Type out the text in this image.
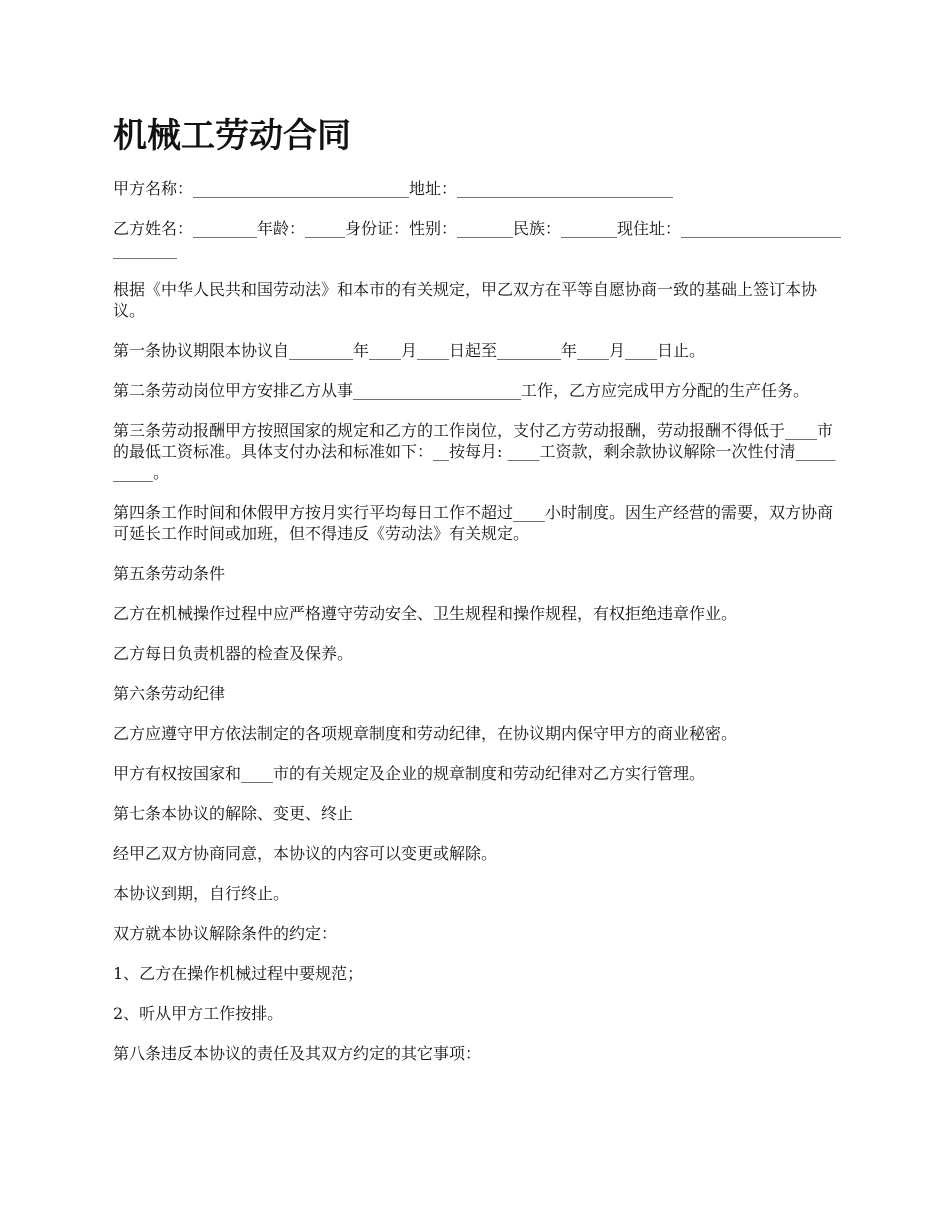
机械工劳动合同

甲方名称：___________________________地址：___________________________

乙方姓名：________年龄：_____身份证：性别：_______民族：_______现住址：____________________________

根据《中华人民共和国劳动法》和本市的有关规定，甲乙双方在平等自愿协商一致的基础上签订本协议。

第一条协议期限本协议自________年____月____日起至________年____月____日止。

第二条劳动岗位甲方安排乙方从事_____________________工作，乙方应完成甲方分配的生产任务。

第三条劳动报酬甲方按照国家的规定和乙方的工作岗位，支付乙方劳动报酬，劳动报酬不得低于____市的最低工资标准。具体支付办法和标准如下：__按每月: ____工资款，剩余款协议解除一次性付清__________。

第四条工作时间和休假甲方按月实行平均每日工作不超过____小时制度。因生产经营的需要，双方协商可延长工作时间或加班，但不得违反《劳动法》有关规定。

第五条劳动条件

乙方在机械操作过程中应严格遵守劳动安全、卫生规程和操作规程，有权拒绝违章作业。

乙方每日负责机器的检查及保养。

第六条劳动纪律

乙方应遵守甲方依法制定的各项规章制度和劳动纪律，在协议期内保守甲方的商业秘密。

甲方有权按国家和____市的有关规定及企业的规章制度和劳动纪律对乙方实行管理。

第七条本协议的解除、变更、终止

经甲乙双方协商同意，本协议的内容可以变更或解除。

本协议到期，自行终止。

双方就本协议解除条件的约定：

1、乙方在操作机械过程中要规范；

2、听从甲方工作按排。

第八条违反本协议的责任及其双方约定的其它事项：
